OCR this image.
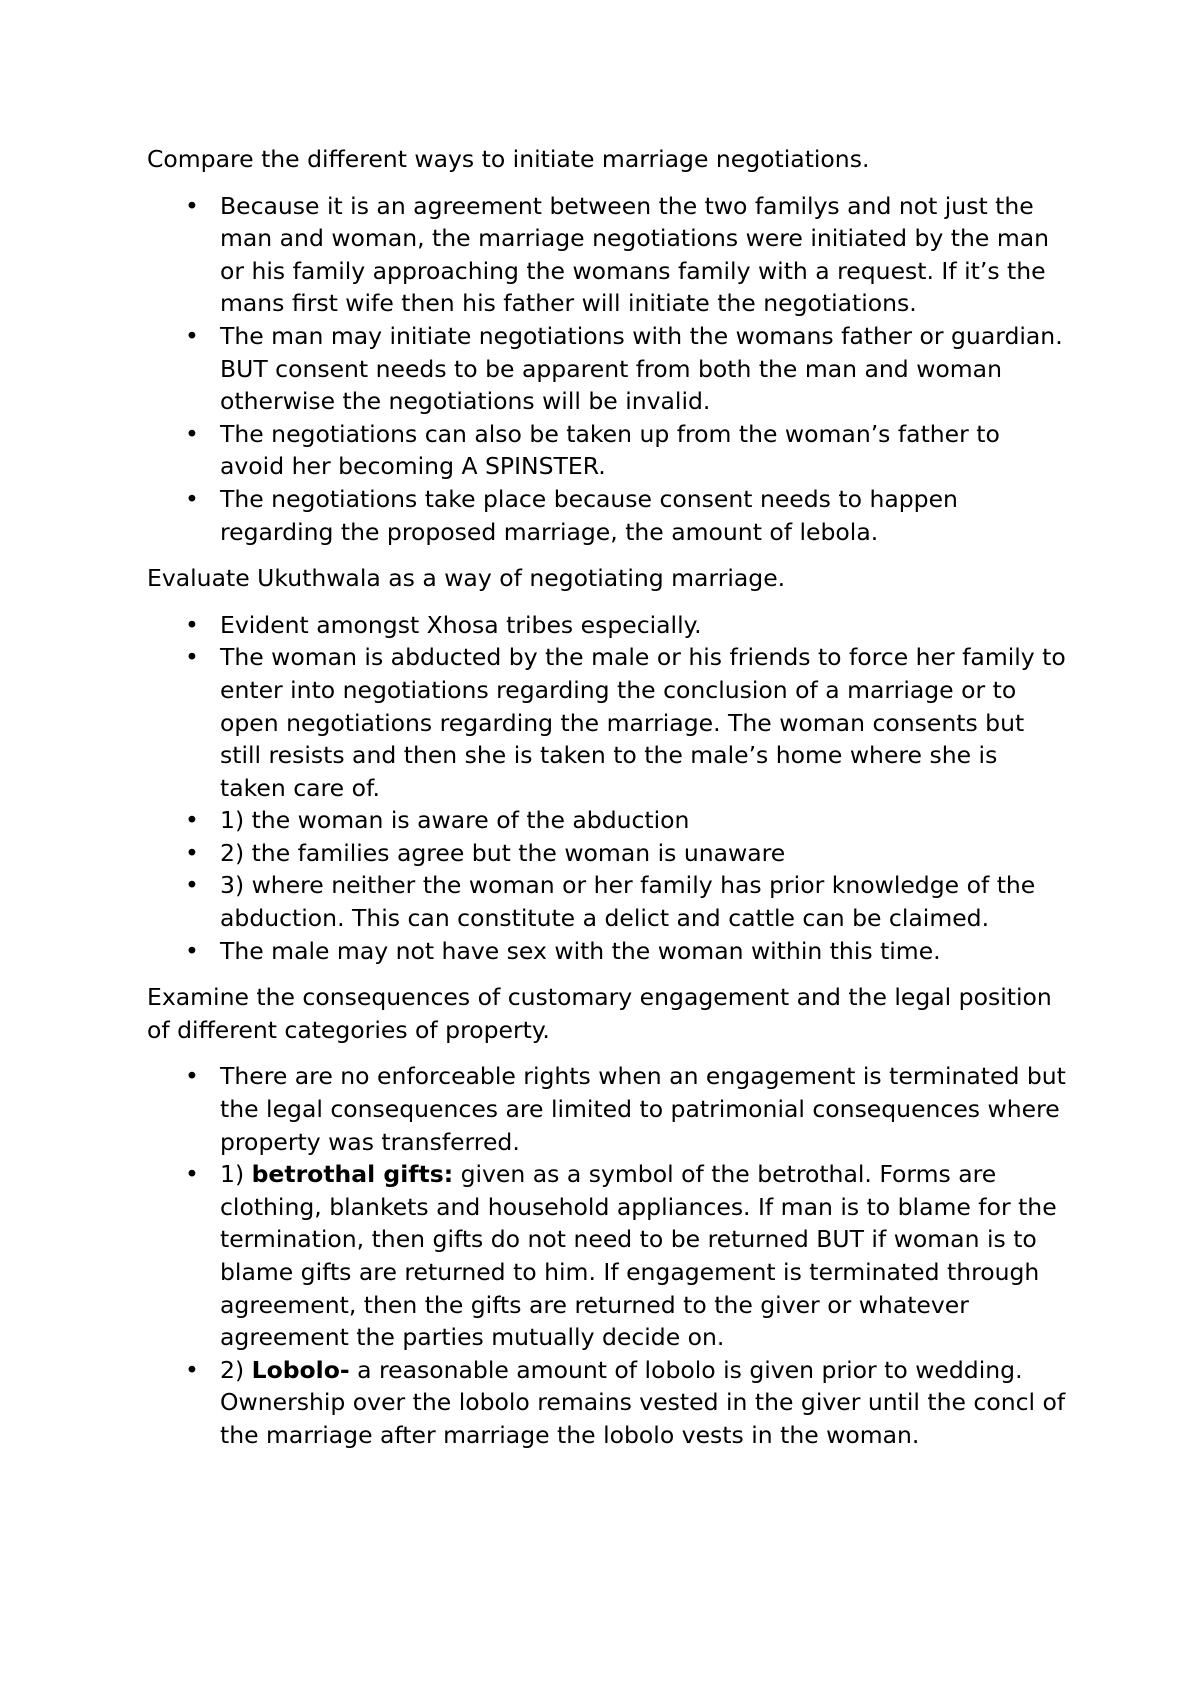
Compare the different ways to initiate marriage negotiations.

• Because it is an agreement between the two familys and not just the man and woman, the marriage negotiations were initiated by the man or his family approaching the womans family with a request. If it’s the mans first wife then his father will initiate the negotiations.
• The man may initiate negotiations with the womans father or guardian. BUT consent needs to be apparent from both the man and woman otherwise the negotiations will be invalid.
• The negotiations can also be taken up from the woman’s father to avoid her becoming A SPINSTER.
• The negotiations take place because consent needs to happen regarding the proposed marriage, the amount of lebola.

Evaluate Ukuthwala as a way of negotiating marriage.

• Evident amongst Xhosa tribes especially.
• The woman is abducted by the male or his friends to force her family to enter into negotiations regarding the conclusion of a marriage or to open negotiations regarding the marriage. The woman consents but still resists and then she is taken to the male’s home where she is taken care of.
• 1) the woman is aware of the abduction
• 2) the families agree but the woman is unaware
• 3) where neither the woman or her family has prior knowledge of the abduction. This can constitute a delict and cattle can be claimed.
• The male may not have sex with the woman within this time.

Examine the consequences of customary engagement and the legal position of different categories of property.

• There are no enforceable rights when an engagement is terminated but the legal consequences are limited to patrimonial consequences where property was transferred.
• 1) betrothal gifts: given as a symbol of the betrothal. Forms are clothing, blankets and household appliances. If man is to blame for the termination, then gifts do not need to be returned BUT if woman is to blame gifts are returned to him. If engagement is terminated through agreement, then the gifts are returned to the giver or whatever agreement the parties mutually decide on.
• 2) Lobolo- a reasonable amount of lobolo is given prior to wedding. Ownership over the lobolo remains vested in the giver until the concl of the marriage after marriage the lobolo vests in the woman.
